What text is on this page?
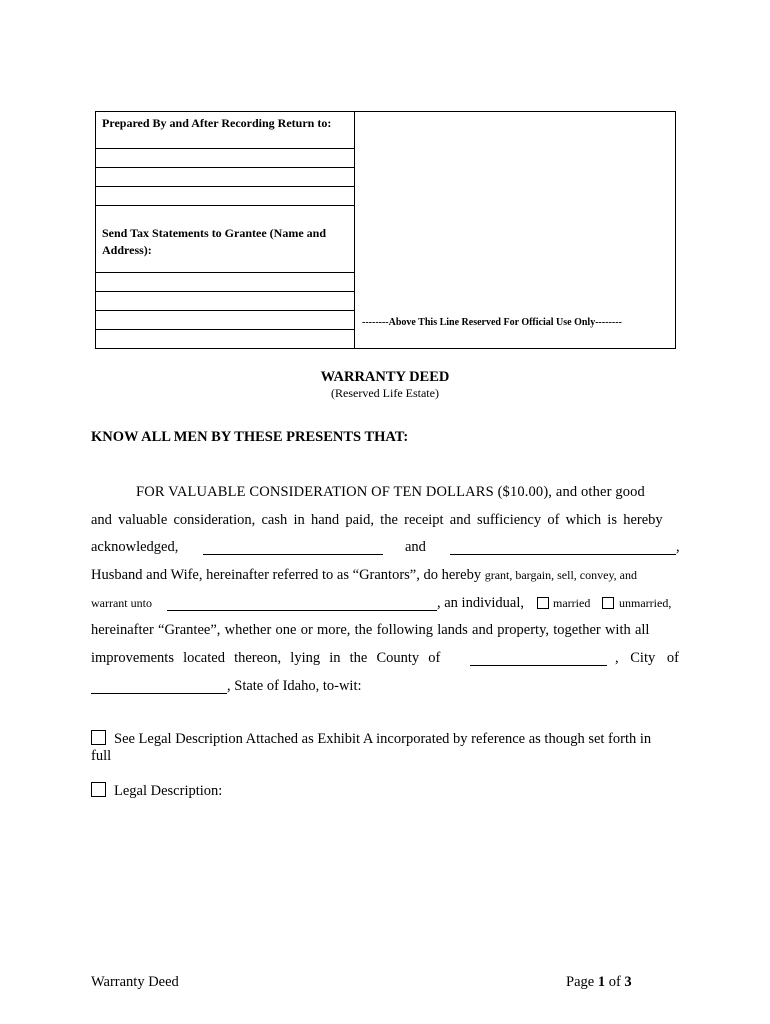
Prepared By and After Recording Return to:
Send Tax Statements to Grantee (Name and Address):
--------Above This Line Reserved For Official Use Only--------
WARRANTY DEED
(Reserved Life Estate)
KNOW ALL MEN BY THESE PRESENTS THAT:
FOR VALUABLE CONSIDERATION OF TEN DOLLARS ($10.00), and other good
and valuable consideration, cash in hand paid, the receipt and sufficiency of which is hereby
acknowledged,	and	,
Husband and Wife, hereinafter referred to as “Grantors”, do hereby grant, bargain, sell, convey, and
warrant unto	, an individual, married unmarried,
hereinafter “Grantee”, whether one or more, the following lands and property, together with all
improvements located thereon, lying in the County of	, City of
, State of Idaho, to-wit:
See Legal Description Attached as Exhibit A incorporated by reference as though set forth in
full
Legal Description:
Warranty Deed	Page 1 of 3
